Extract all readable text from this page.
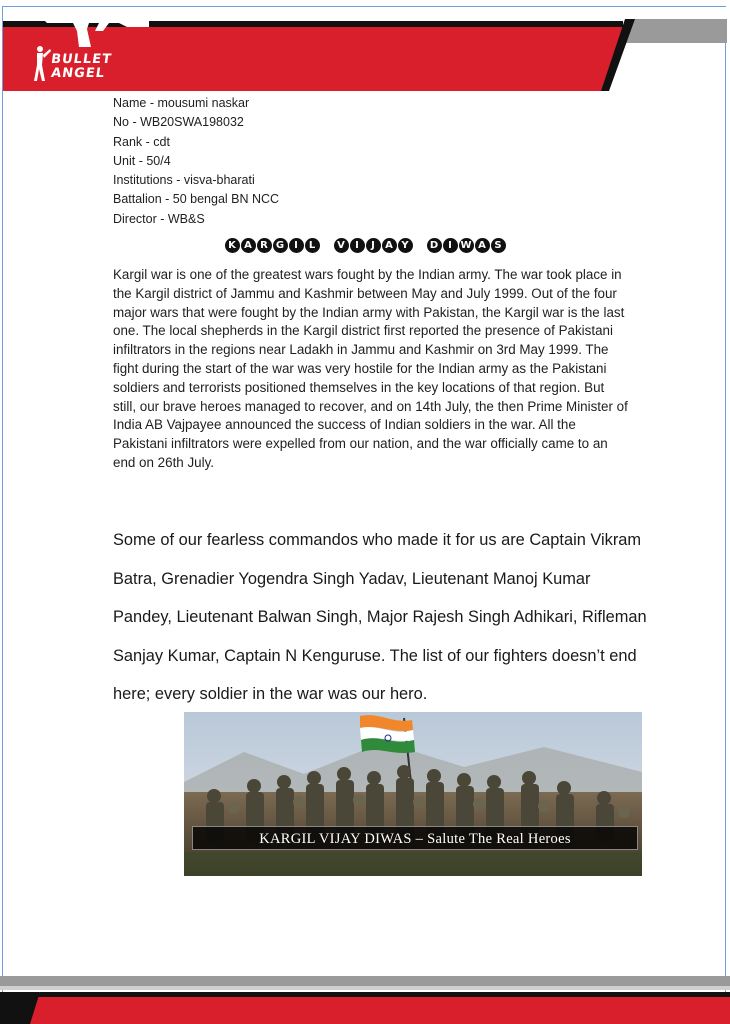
BULLET
ANGEL
Name - mousumi naskar
No - WB20SWA198032
Rank - cdt
Unit - 50/4
Institutions - visva-bharati
Battalion - 50 bengal BN NCC
Director - WB&S
K A R G	I	L	V	I	J	A Y	D I W A S

Kargil war is one of the greatest wars fought by the Indian army. The war took place in the Kargil district of Jammu and Kashmir between May and July 1999. Out of the four major wars that were fought by the Indian army with Pakistan, the Kargil war is the last one. The local shepherds in the Kargil district first reported the presence of Pakistani infiltrators in the regions near Ladakh in Jammu and Kashmir on 3rd May 1999. The fight during the start of the war was very hostile for the Indian army as the Pakistani soldiers and terrorists positioned themselves in the key locations of that region. But still, our brave heroes managed to recover, and on 14th July, the then Prime Minister of India AB Vajpayee announced the success of Indian soldiers in the war. All the Pakistani infiltrators were expelled from our nation, and the war officially came to an end on 26th July.

Some of our fearless commandos who made it for us are Captain Vikram Batra, Grenadier Yogendra Singh Yadav, Lieutenant Manoj Kumar Pandey, Lieutenant Balwan Singh, Major Rajesh Singh Adhikari, Rifleman Sanjay Kumar, Captain N Kenguruse. The list of our fighters doesn’t end here; every soldier in the war was our hero.

KARGIL VIJAY DIWAS – Salute The Real Heroes
